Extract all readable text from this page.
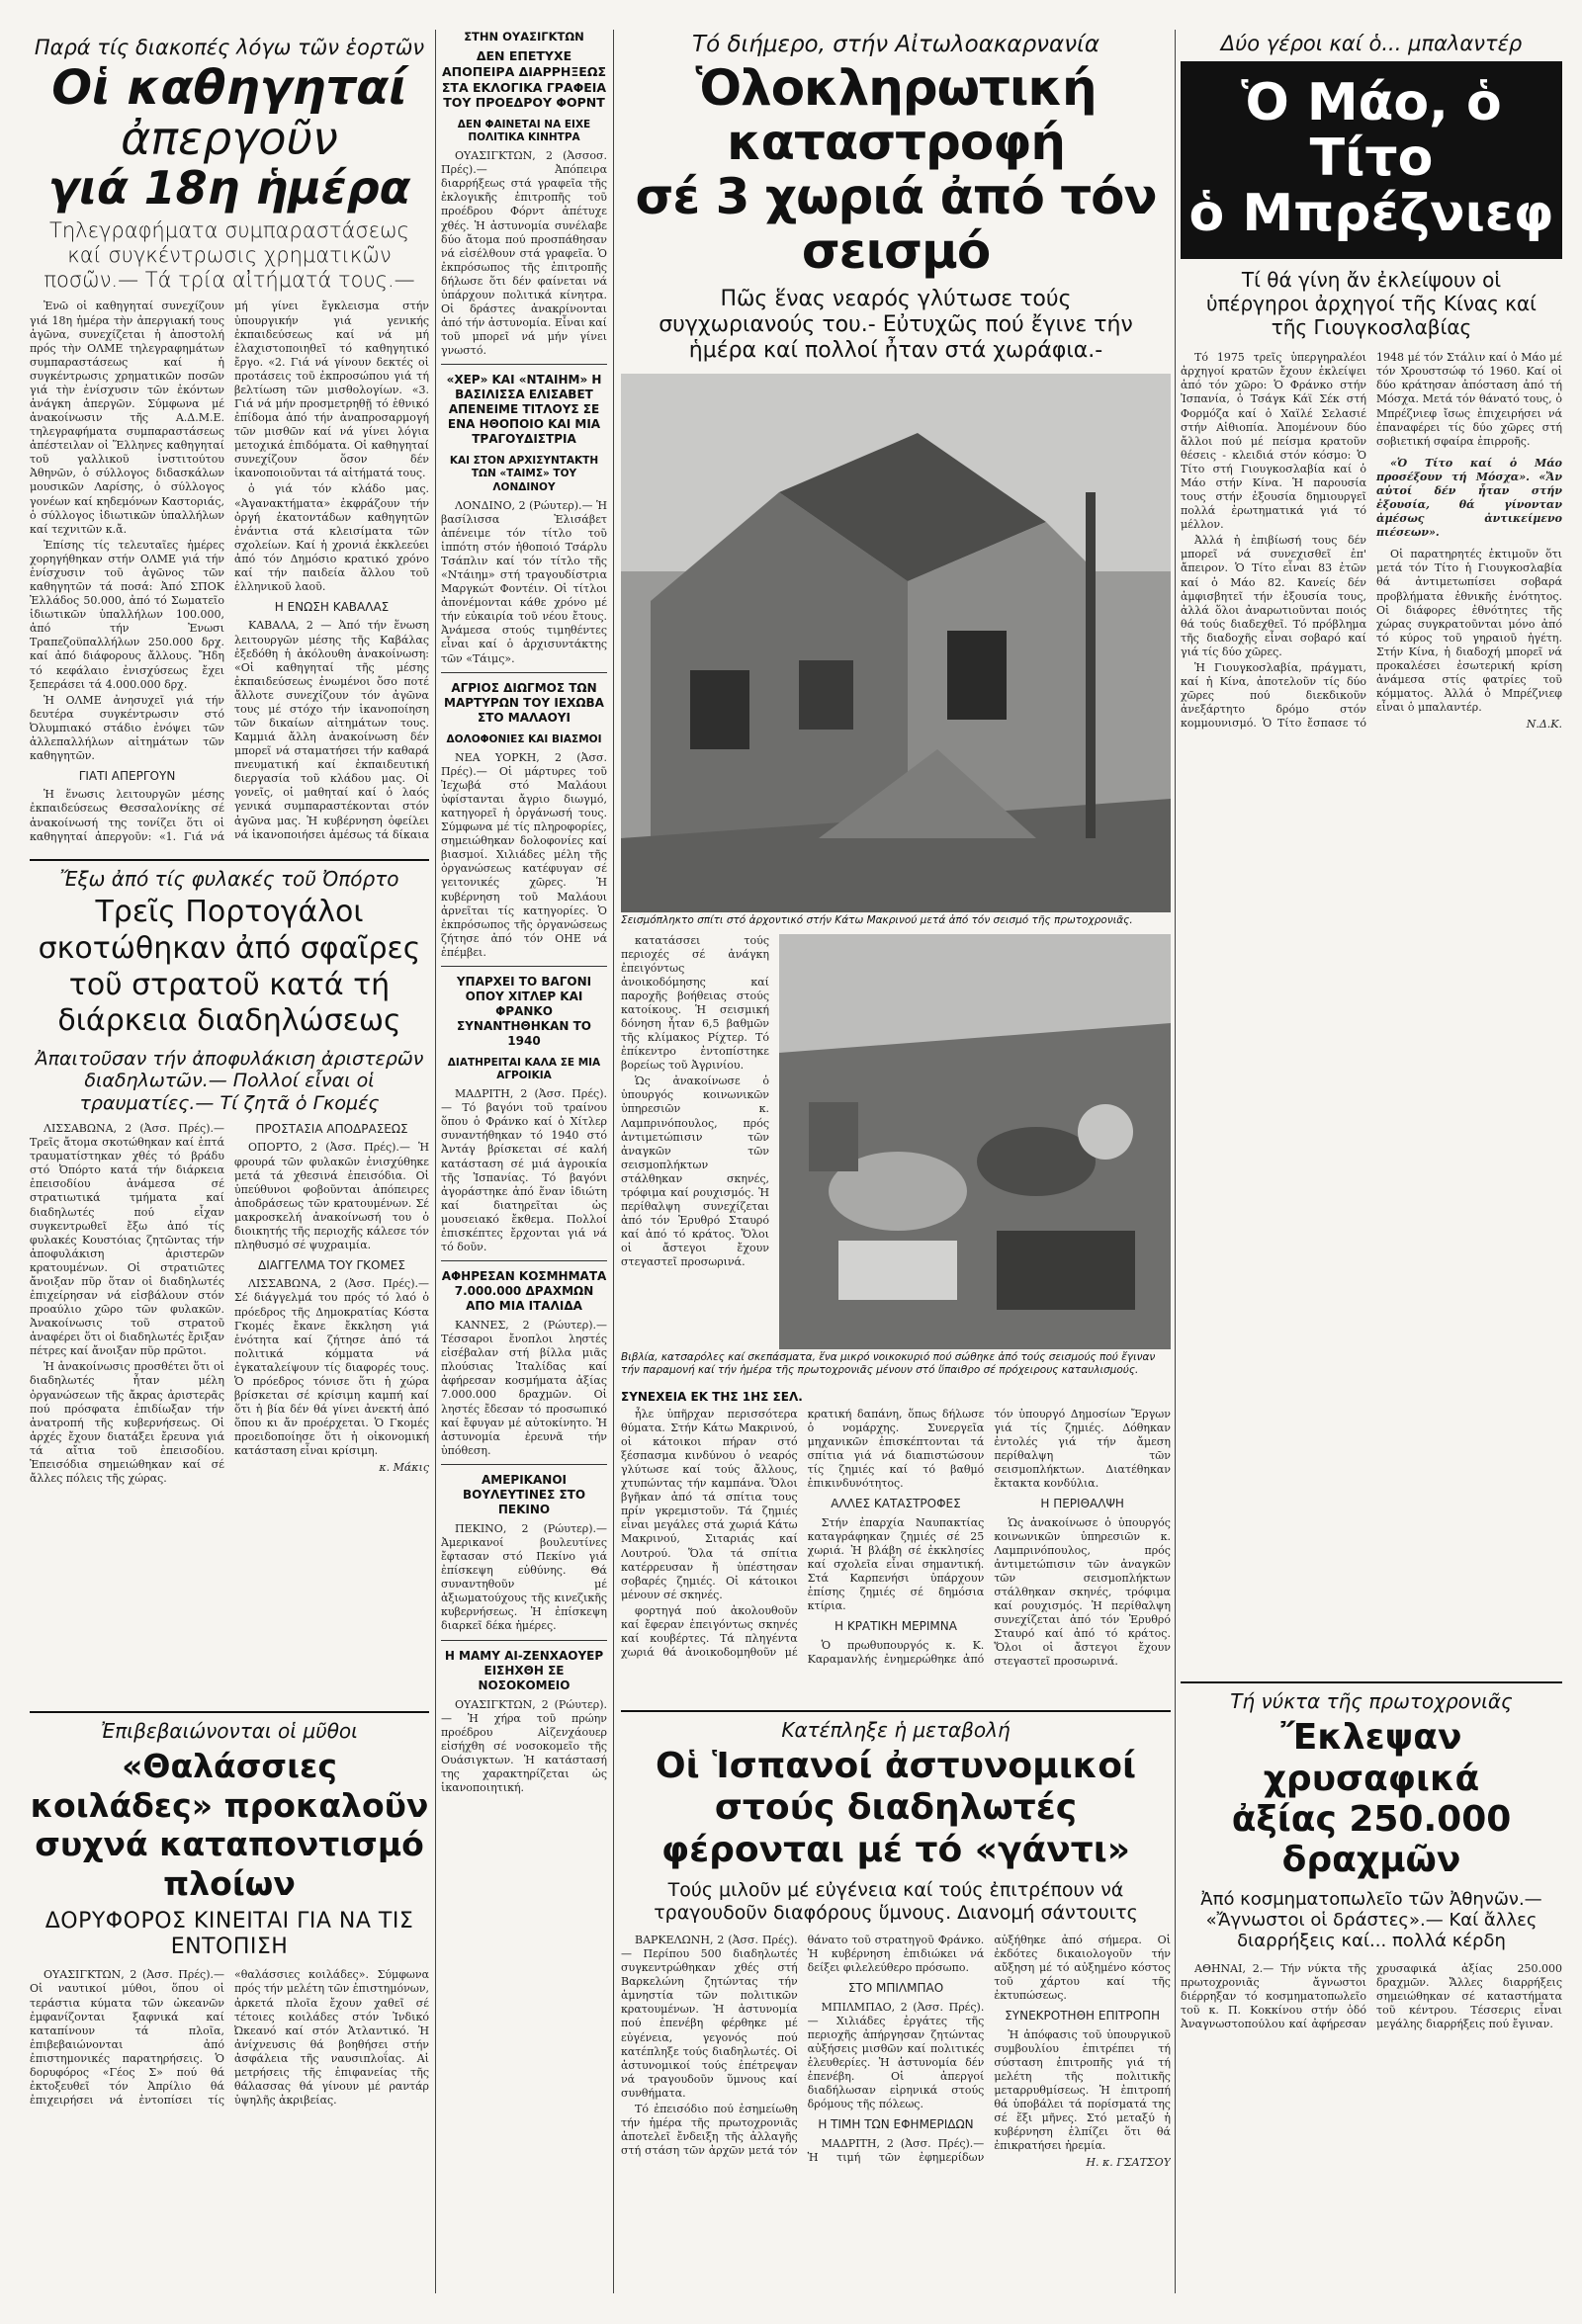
Παρά τίς διακοπές λόγω τῶν ἑορτῶν
Οἱ καθηγηταί
ἀπεργοῦν
γιά 18η ἡμέρα
Τηλεγραφήματα συμπαραστάσεως καί συγκέντρωσις χρηματικῶν ποσῶν.— Τά τρία αἰτήματά τους.—

Ἐνῶ οἱ καθηγηταί συνεχίζουν γιά 18η ἡμέρα τὴν ἀπεργιακή τους ἀγῶνα, συνεχίζεται ἡ ἀποστολή πρός τὴν ΟΛΜΕ τηλεγραφημάτων συμπαραστάσεως καί ἡ συγκέντρωσις χρηματικῶν ποσῶν γιά τὴν ἐνίσχυσιν τῶν ἐκόντων ἀνάγκη ἀπεργῶν. Σύμφωνα μέ ἀνακοίνωσιν τῆς Α.Δ.Μ.Ε. τηλεγραφήματα συμπαραστάσεως ἀπέστειλαν οἱ Ἕλληνες καθηγηταί τοῦ γαλλικοῦ ἰνστιτούτου Ἀθηνῶν, ὁ σύλλογος διδασκάλων μουσικῶν Λαρίσης, ὁ σύλλογος γονέων καί κηδεμόνων Καστοριάς, ὁ σύλλογος ἰδιωτικῶν ὑπαλλήλων καί τεχνιτῶν κ.ἄ.

Ἐπίσης τίς τελευταῖες ἡμέρες χορηγήθηκαν στήν ΟΛΜΕ γιά τήν ἐνίσχυσιν τοῦ ἀγῶνος τῶν καθηγητῶν τά ποσά: Ἀπό ΣΠΟΚ Ἐλλάδος 50.000, ἀπό τό Σωματεῖο ἰδιωτικῶν ὑπαλλήλων 100.000, ἀπό τήν Ἐνωσι Τραπεζοϋπαλλήλων 250.000 δρχ. καί ἀπό διάφορους ἄλλους. Ἤδη τό κεφάλαιο ἐνισχύσεως ἔχει ξεπεράσει τά 4.000.000 δρχ.

Ἡ ΟΛΜΕ ἀνησυχεῖ γιά τήν δευτέρα συγκέντρωσιν στό Ὀλυμπιακό στάδιο ἐνόψει τῶν ἀλλεπαλλήλων αἰτημάτων τῶν καθηγητῶν.

ΓΙΑΤΙ ΑΠΕΡΓΟΥΝ

Ἡ ἕνωσις λειτουργῶν μέσης ἐκπαιδεύσεως Θεσσαλονίκης σέ ἀνακοίνωσή της τονίζει ὅτι οἱ καθηγηταί ἀπεργοῦν: «1. Γιά νά μή γίνει ἔγκλεισμα στήν ὑπουργικήν γιά γενικής ἐκπαιδεύσεως καί νά μή ἐλαχιστοποιηθεῖ τό καθηγητικό ἔργο. «2. Γιά νά γίνουν δεκτές οἱ προτάσεις τοῦ ἐκπροσώπου γιά τή βελτίωση τῶν μισθολογίων. «3. Γιά νά μήν προσμετρηθῇ τό ἐθνικό ἐπίδομα ἀπό τήν ἀναπροσαρμογή τῶν μισθῶν καί νά γίνει λόγια μετοχικά ἐπιδόματα. Οἱ καθηγηταί συνεχίζουν ὅσον δέν ἱκανοποιοῦνται τά αἰτήματά τους.

ὁ γιά τόν κλάδο μας. «Ἀγανακτήματα» ἐκφράζουν τήν ὀργή ἑκατοντάδων καθηγητῶν ἐνάντια στά κλεισίματα τῶν σχολείων. Καί ἡ χρονιά ἐκκλεεύει ἀπό τόν Δημόσιο κρατικό χρόνο καί τήν παιδεία ἄλλου τοῦ ἑλληνικοῦ λαοῦ.

Η ΕΝΩΣΗ ΚΑΒΑΛΑΣ

ΚΑΒΑΛΑ, 2 — Ἀπό τήν ἕνωση λειτουργῶν μέσης τῆς Καβάλας ἐξεδόθη ἡ ἀκόλουθη ἀνακοίνωση: «Οἱ καθηγηταί τῆς μέσης ἐκπαιδεύσεως ἐνωμένοι ὅσο ποτέ ἄλλοτε συνεχίζουν τόν ἀγῶνα τους μέ στόχο τήν ἱκανοποίηση τῶν δικαίων αἰτημάτων τους. Καμμιά ἄλλη ἀνακοίνωση δέν μπορεῖ νά σταματήσει τήν καθαρά πνευματική καί ἐκπαιδευτική διεργασία τοῦ κλάδου μας. Οἱ γονεῖς, οἱ μαθηταί καί ὁ λαός γενικά συμπαραστέκονται στόν ἀγῶνα μας. Ἡ κυβέρνηση ὀφείλει νά ἱκανοποιήσει ἀμέσως τά δίκαια

Ἔξω ἀπό τίς φυλακές τοῦ Ὀπόρτο
Τρεῖς Πορτογάλοι σκοτώθηκαν ἀπό σφαῖρες τοῦ στρατοῦ κατά τή διάρκεια διαδηλώσεως
Ἀπαιτοῦσαν τήν ἀποφυλάκιση ἀριστερῶν διαδηλωτῶν.— Πολλοί εἶναι οἱ τραυματίες.— Τί ζητᾶ ὁ Γκομές

ΛΙΣΣΑΒΩΝΑ, 2 (Ἀσσ. Πρές).— Τρεῖς ἄτομα σκοτώθηκαν καί ἑπτά τραυματίστηκαν χθές τό βράδυ στό Ὀπόρτο κατά τήν διάρκεια ἐπεισοδίου ἀνάμεσα σέ στρατιωτικά τμήματα καί διαδηλωτές πού εἶχαν συγκεντρωθεῖ ἔξω ἀπό τίς φυλακές Κουστόιας ζητῶντας τήν ἀποφυλάκιση ἀριστερῶν κρατουμένων. Οἱ στρατιῶτες ἄνοιξαν πῦρ ὅταν οἱ διαδηλωτές ἐπιχείρησαν νά εἰσβάλουν στόν προαύλιο χῶρο τῶν φυλακῶν. Ἀνακοίνωσις τοῦ στρατοῦ ἀναφέρει ὅτι οἱ διαδηλωτές ἔριξαν πέτρες καί ἄνοιξαν πῦρ πρῶτοι.

Ἡ ἀνακοίνωσις προσθέτει ὅτι οἱ διαδηλωτές ἦταν μέλη ὀργανώσεων τῆς ἄκρας ἀριστερᾶς πού πρόσφατα ἐπιδίωξαν τήν ἀνατροπή τῆς κυβερνήσεως. Οἱ ἀρχές ἔχουν διατάξει ἔρευνα γιά τά αἴτια τοῦ ἐπεισοδίου. Ἐπεισόδια σημειώθηκαν καί σέ ἄλλες πόλεις τῆς χώρας.

ΠΡΟΣΤΑΣΙΑ ΑΠΟΔΡΑΣΕΩΣ

ΟΠΟΡΤΟ, 2 (Ἀσσ. Πρές).— Ἡ φρουρά τῶν φυλακῶν ἐνισχύθηκε μετά τά χθεσινά ἐπεισόδια. Οἱ ὑπεύθυνοι φοβοῦνται ἀπόπειρες ἀποδράσεως τῶν κρατουμένων. Σέ μακροσκελή ἀνακοίνωσή του ὁ διοικητής τῆς περιοχῆς κάλεσε τόν πληθυσμό σέ ψυχραιμία.

ΔΙΑΓΓΕΛΜΑ ΤΟΥ ΓΚΟΜΕΣ

ΛΙΣΣΑΒΩΝΑ, 2 (Ἀσσ. Πρές).— Σέ διάγγελμά του πρός τό λαό ὁ πρόεδρος τῆς Δημοκρατίας Κόστα Γκομές ἔκανε ἔκκληση γιά ἑνότητα καί ζήτησε ἀπό τά πολιτικά κόμματα νά ἐγκαταλείψουν τίς διαφορές τους. Ὁ πρόεδρος τόνισε ὅτι ἡ χώρα βρίσκεται σέ κρίσιμη καμπή καί ὅτι ἡ βία δέν θά γίνει ἀνεκτή ἀπό ὅπου κι ἄν προέρχεται. Ὁ Γκομές προειδοποίησε ὅτι ἡ οἰκονομική κατάσταση εἶναι κρίσιμη.

κ. Μάκις
Ἐπιβεβαιώνονται οἱ μῦθοι
«Θαλάσσιες κοιλάδες» προκαλοῦν συχνά καταποντισμό πλοίων
ΔΟΡΥΦΟΡΟΣ ΚΙΝΕΙΤΑΙ ΓΙΑ ΝΑ ΤΙΣ ΕΝΤΟΠΙΣΗ

ΟΥΑΣΙΓΚΤΩΝ, 2 (Ἀσσ. Πρές).— Οἱ ναυτικοί μύθοι, ὅπου οἱ τεράστια κύματα τῶν ὠκεανῶν ἐμφανίζονται ξαφνικά καί καταπίνουν τά πλοῖα, ἐπιβεβαιώνονται ἀπό ἐπιστημονικές παρατηρήσεις. Ὁ δορυφόρος «Γέος Σ» πού θά ἐκτοξευθεῖ τόν Ἀπρίλιο θά ἐπιχειρήσει νά ἐντοπίσει τίς «θαλάσσιες κοιλάδες». Σύμφωνα πρός τήν μελέτη τῶν ἐπιστημόνων, ἀρκετά πλοῖα ἔχουν χαθεῖ σέ τέτοιες κοιλάδες στόν Ἰνδικό Ὠκεανό καί στόν Ἀτλαντικό. Ἡ ἀνίχνευσις θά βοηθήσει στήν ἀσφάλεια τῆς ναυσιπλοΐας. Αἱ μετρήσεις τῆς ἐπιφανείας τῆς θάλασσας θά γίνουν μέ ραντάρ ὑψηλῆς ἀκριβείας.

ΣΤΗΝ ΟΥΑΣΙΓΚΤΩΝ
ΔΕΝ ΕΠΕΤΥΧΕ ΑΠΟΠΕΙΡΑ ΔΙΑΡΡΗΞΕΩΣ ΣΤΑ ΕΚΛΟΓΙΚΑ ΓΡΑΦΕΙΑ ΤΟΥ ΠΡΟΕΔΡΟΥ ΦΟΡΝΤ
ΔΕΝ ΦΑΙΝΕΤΑΙ ΝΑ ΕΙΧΕ ΠΟΛΙΤΙΚΑ ΚΙΝΗΤΡΑ

ΟΥΑΣΙΓΚΤΩΝ, 2 (Ἀσσοσ. Πρές).— Ἀπόπειρα διαρρήξεως στά γραφεῖα τῆς ἐκλογικῆς ἐπιτροπῆς τοῦ προέδρου Φόρντ ἀπέτυχε χθές. Ἡ ἀστυνομία συνέλαβε δύο ἄτομα πού προσπάθησαν νά εἰσέλθουν στά γραφεῖα. Ὁ ἐκπρόσωπος τῆς ἐπιτροπῆς δήλωσε ὅτι δέν φαίνεται νά ὑπάρχουν πολιτικά κίνητρα. Οἱ δράστες ἀνακρίνονται ἀπό τήν ἀστυνομία. Εἶναι καί τοῦ μπορεῖ νά μήν γίνει γνωστό.

«ΧΕΡ» ΚΑΙ «ΝΤΑΙΗΜ» Η ΒΑΣΙΛΙΣΣΑ ΕΛΙΣΑΒΕΤ ΑΠΕΝΕΙΜΕ ΤΙΤΛΟΥΣ ΣΕ ΕΝΑ ΗΘΟΠΟΙΟ ΚΑΙ ΜΙΑ ΤΡΑΓΟΥΔΙΣΤΡΙΑ
ΚΑΙ ΣΤΟΝ ΑΡΧΙΣΥΝΤΑΚΤΗ ΤΩΝ «ΤΑΙΜΣ» ΤΟΥ ΛΟΝΔΙΝΟΥ

ΛΟΝΔΙΝΟ, 2 (Ρώυτερ).— Ἡ βασίλισσα Ἐλισάβετ ἀπένειμε τόν τίτλο τοῦ ἱππότη στόν ἠθοποιό Τσάρλυ Τσάπλιν καί τόν τίτλο τῆς «Ντάιημ» στή τραγουδίστρια Μαργκώτ Φοντέιν. Οἱ τίτλοι ἀπονέμονται κάθε χρόνο μέ τήν εὐκαιρία τοῦ νέου ἔτους. Ἀνάμεσα στούς τιμηθέντες εἶναι καί ὁ ἀρχισυντάκτης τῶν «Τάιμς».

ΑΓΡΙΟΣ ΔΙΩΓΜΟΣ ΤΩΝ ΜΑΡΤΥΡΩΝ ΤΟΥ ΙΕΧΩΒΑ ΣΤΟ ΜΑΛΑΟΥΙ
ΔΟΛΟΦΟΝΙΕΣ ΚΑΙ ΒΙΑΣΜΟΙ

ΝΕΑ ΥΟΡΚΗ, 2 (Ἀσσ. Πρές).— Οἱ μάρτυρες τοῦ Ἰεχωβά στό Μαλάουι ὑφίστανται ἄγριο διωγμό, κατηγορεῖ ἡ ὀργάνωσή τους. Σύμφωνα μέ τίς πληροφορίες, σημειώθηκαν δολοφονίες καί βιασμοί. Χιλιάδες μέλη τῆς ὀργανώσεως κατέφυγαν σέ γειτονικές χῶρες. Ἡ κυβέρνηση τοῦ Μαλάουι ἀρνεῖται τίς κατηγορίες. Ὁ ἐκπρόσωπος τῆς ὀργανώσεως ζήτησε ἀπό τόν ΟΗΕ νά ἐπέμβει.

ΥΠΑΡΧΕΙ ΤΟ ΒΑΓΟΝΙ ΟΠΟΥ ΧΙΤΛΕΡ ΚΑΙ ΦΡΑΝΚΟ ΣΥΝΑΝΤΗΘΗΚΑΝ ΤΟ 1940
ΔΙΑΤΗΡΕΙΤΑΙ ΚΑΛΑ ΣΕ ΜΙΑ ΑΓΡΟΙΚΙΑ

ΜΑΔΡΙΤΗ, 2 (Ἀσσ. Πρές).— Τό βαγόνι τοῦ τραίνου ὅπου ὁ Φράνκο καί ὁ Χίτλερ συναντήθηκαν τό 1940 στό Ἀντάγ βρίσκεται σέ καλή κατάσταση σέ μιά ἀγροικία τῆς Ἱσπανίας. Τό βαγόνι ἀγοράστηκε ἀπό ἕναν ἰδιώτη καί διατηρεῖται ὡς μουσειακό ἔκθεμα. Πολλοί ἐπισκέπτες ἔρχονται γιά νά τό δοῦν.

ΑΦΗΡΕΣΑΝ ΚΟΣΜΗΜΑΤΑ 7.000.000 ΔΡΑΧΜΩΝ ΑΠΟ ΜΙΑ ΙΤΑΛΙΔΑ

ΚΑΝΝΕΣ, 2 (Ρώυτερ).— Τέσσαροι ἔνοπλοι ληστές εἰσέβαλαν στή βίλλα μιᾶς πλούσιας Ἰταλίδας καί ἀφήρεσαν κοσμήματα ἀξίας 7.000.000 δραχμῶν. Οἱ ληστές ἔδεσαν τό προσωπικό καί ἔφυγαν μέ αὐτοκίνητο. Ἡ ἀστυνομία ἐρευνᾶ τήν ὑπόθεση.

ΑΜΕΡΙΚΑΝΟΙ ΒΟΥΛΕΥΤΙΝΕΣ ΣΤΟ ΠΕΚΙΝΟ

ΠΕΚΙΝΟ, 2 (Ρώυτερ).— Ἀμερικανοί βουλευτίνες ἔφτασαν στό Πεκίνο γιά ἐπίσκεψη εὐθύνης. Θά συναντηθοῦν μέ ἀξιωματούχους τῆς κινεζικῆς κυβερνήσεως. Ἡ ἐπίσκεψη διαρκεῖ δέκα ἡμέρες.

Η ΜΑΜΥ ΑΙ-ΖΕΝΧΑΟΥΕΡ ΕΙΣΗΧΘΗ ΣΕ ΝΟΣΟΚΟΜΕΙΟ

ΟΥΑΣΙΓΚΤΩΝ, 2 (Ρώυτερ).— Ἡ χήρα τοῦ πρώην προέδρου Αἰζενχάουερ εἰσήχθη σέ νοσοκομεῖο τῆς Ουάσιγκτων. Ἡ κατάστασή της χαρακτηρίζεται ὡς ἱκανοποιητική.

Τό διήμερο, στήν Αἰτωλοακαρνανία
Ὁλοκληρωτική καταστροφή
σέ 3 χωριά ἀπό τόν σεισμό
Πῶς ἕνας νεαρός γλύτωσε τούς συγχωριανούς του.- Εὐτυχῶς πού ἔγινε τήν ἡμέρα καί πολλοί ἦταν στά χωράφια.-
Σεισμόπληκτο σπίτι στό ἀρχοντικό στήν Κάτω Μακρινού μετά ἀπό τόν σεισμό τῆς πρωτοχρονιᾶς.

κατατάσσει τούς περιοχές σέ ἀνάγκη ἐπειγόντως ἀνοικοδόμησης καί παροχῆς βοήθειας στούς κατοίκους. Ἡ σεισμική δόνηση ἦταν 6,5 βαθμῶν τῆς κλίμακος Ρίχτερ. Τό ἐπίκεντρο ἐντοπίστηκε βορείως τοῦ Ἀγρινίου.

Ὡς ἀνακοίνωσε ὁ ὑπουργός κοινωνικῶν ὑπηρεσιῶν κ. Λαμπρινόπουλος, πρός ἀντιμετώπισιν τῶν ἀναγκῶν τῶν σεισμοπλήκτων στάλθηκαν σκηνές, τρόφιμα καί ρουχισμός. Ἡ περίθαλψη συνεχίζεται ἀπό τόν Ἑρυθρό Σταυρό καί ἀπό τό κράτος. Ὅλοι οἱ ἄστεγοι ἔχουν στεγαστεῖ προσωρινά.

Βιβλία, κατσαρόλες καί σκεπάσματα, ἕνα μικρό νοικοκυριό πού σώθηκε ἀπό τούς σεισμούς πού ἔγιναν τήν παραμονή καί τήν ἡμέρα τῆς πρωτοχρονιᾶς μένουν στό ὕπαιθρο σέ πρόχειρους καταυλισμούς.
ΣΥΝΕΧΕΙΑ ΕΚ ΤΗΣ 1ΗΣ ΣΕΛ.

ἦλε ὑπῆρχαν περισσότερα θύματα. Στήν Κάτω Μακρινού, οἱ κάτοικοι πήραν στό ξέσπασμα κινδύνου ὁ νεαρός γλύτωσε καί τούς ἄλλους, χτυπώντας τήν καμπάνα. Ὅλοι βγῆκαν ἀπό τά σπίτια τους πρίν γκρεμιστοῦν. Τά ζημιές εἶναι μεγάλες στά χωριά Κάτω Μακρινού, Σιταριάς καί Λουτρού. Ὅλα τά σπίτια κατέρρευσαν ἤ ὑπέστησαν σοβαρές ζημιές. Οἱ κάτοικοι μένουν σέ σκηνές.

φορτηγά πού ἀκολουθοῦν καί ἔφεραν ἐπειγόντως σκηνές καί κουβέρτες. Τά πληγέντα χωριά θά ἀνοικοδομηθοῦν μέ κρατική δαπάνη, ὅπως δήλωσε ὁ νομάρχης. Συνεργεῖα μηχανικῶν ἐπισκέπτονται τά σπίτια γιά νά διαπιστώσουν τίς ζημιές καί τό βαθμό ἐπικινδυνότητος.

ΑΛΛΕΣ ΚΑΤΑΣΤΡΟΦΕΣ

Στήν ἐπαρχία Ναυπακτίας καταγράφηκαν ζημιές σέ 25 χωριά. Ἡ βλάβη σέ ἐκκλησίες καί σχολεῖα εἶναι σημαντική. Στά Καρπενήσι ὑπάρχουν ἐπίσης ζημιές σέ δημόσια κτίρια.

Η ΚΡΑΤΙΚΗ ΜΕΡΙΜΝΑ

Ὁ πρωθυπουργός κ. Κ. Καραμανλής ἐνημερώθηκε ἀπό τόν ὑπουργό Δημοσίων Ἔργων γιά τίς ζημιές. Δόθηκαν ἐντολές γιά τήν ἄμεση περίθαλψη τῶν σεισμοπλήκτων. Διατέθηκαν ἔκτακτα κονδύλια.

Η ΠΕΡΙΘΑΛΨΗ

Ὡς ἀνακοίνωσε ὁ ὑπουργός κοινωνικῶν ὑπηρεσιῶν κ. Λαμπρινόπουλος, πρός ἀντιμετώπισιν τῶν ἀναγκῶν τῶν σεισμοπλήκτων στάλθηκαν σκηνές, τρόφιμα καί ρουχισμός. Ἡ περίθαλψη συνεχίζεται ἀπό τόν Ἑρυθρό Σταυρό καί ἀπό τό κράτος. Ὅλοι οἱ ἄστεγοι ἔχουν στεγαστεῖ προσωρινά.

Κατέπληξε ἡ μεταβολή
Οἱ Ἱσπανοί ἀστυνομικοί
στούς διαδηλωτές
φέρονται μέ τό «γάντι»
Τούς μιλοῦν μέ εὐγένεια καί τούς ἐπιτρέπουν νά τραγουδοῦν διαφόρους ὕμνους. Διανομή σάντουιτς

ΒΑΡΚΕΛΩΝΗ, 2 (Ἀσσ. Πρές).— Περίπου 500 διαδηλωτές συγκεντρώθηκαν χθές στή Βαρκελώνη ζητώντας τήν ἀμνηστία τῶν πολιτικῶν κρατουμένων. Ἡ ἀστυνομία πού ἐπενέβη φέρθηκε μέ εὐγένεια, γεγονός πού κατέπληξε τούς διαδηλωτές. Οἱ ἀστυνομικοί τούς ἐπέτρεψαν νά τραγουδοῦν ὕμνους καί συνθήματα.

Τό ἐπεισόδιο πού ἐσημείωθη τήν ἡμέρα τῆς πρωτοχρονιᾶς ἀποτελεῖ ἔνδειξη τῆς ἀλλαγῆς στή στάση τῶν ἀρχῶν μετά τόν θάνατο τοῦ στρατηγοῦ Φράνκο. Ἡ κυβέρνηση ἐπιδιώκει νά δείξει φιλελεύθερο πρόσωπο.

ΣΤΟ ΜΠΙΛΜΠΑΟ

ΜΠΙΛΜΠΑΟ, 2 (Ἀσσ. Πρές).— Χιλιάδες ἐργάτες τῆς περιοχῆς ἀπήργησαν ζητώντας αὐξήσεις μισθῶν καί πολιτικές ἐλευθερίες. Ἡ ἀστυνομία δέν ἐπενέβη. Οἱ ἀπεργοί διαδήλωσαν εἰρηνικά στούς δρόμους τῆς πόλεως.

Η ΤΙΜΗ ΤΩΝ ΕΦΗΜΕΡΙΔΩΝ

ΜΑΔΡΙΤΗ, 2 (Ἀσσ. Πρές).— Ἡ τιμή τῶν ἐφημερίδων αὐξήθηκε ἀπό σήμερα. Οἱ ἐκδότες δικαιολογοῦν τήν αὔξηση μέ τό αὐξημένο κόστος τοῦ χάρτου καί τῆς ἐκτυπώσεως.

ΣΥΝΕΚΡΟΤΗΘΗ ΕΠΙΤΡΟΠΗ

Ἡ ἀπόφασις τοῦ ὑπουργικοῦ συμβουλίου ἐπιτρέπει τή σύσταση ἐπιτροπῆς γιά τή μελέτη τῆς πολιτικῆς μεταρρυθμίσεως. Ἡ ἐπιτροπή θά ὑποβάλει τά πορίσματά της σέ ἕξι μῆνες. Στό μεταξύ ἡ κυβέρνηση ἐλπίζει ὅτι θά ἐπικρατήσει ἠρεμία.

Η. κ. ΓΣΑΤΣΟΥ
Δύο γέροι καί ὁ... μπαλαντέρ
Ὁ Μάο, ὁ Τίτο
ὁ Μπρέζνιεφ
Τί θά γίνη ἄν ἐκλείψουν οἱ ὑπέργηροι ἀρχηγοί τῆς Κίνας καί τῆς Γιουγκοσλαβίας

Τό 1975 τρεῖς ὑπεργηραλέοι ἀρχηγοί κρατῶν ἔχουν ἐκλείψει ἀπό τόν χῶρο: Ὁ Φράνκο στήν Ἰσπανία, ὁ Τσάγκ Κάϊ Σέκ στή Φορμόζα καί ὁ Χαϊλέ Σελασιέ στήν Αἰθιοπία. Ἀπομένουν δύο ἄλλοι πού μέ πείσμα κρατοῦν θέσεις - κλειδιά στόν κόσμο: Ὁ Τίτο στή Γιουγκοσλαβία καί ὁ Μάο στήν Κίνα. Ἡ παρουσία τους στήν ἐξουσία δημιουργεῖ πολλά ἐρωτηματικά γιά τό μέλλον.

Ἀλλά ἡ ἐπιβίωσή τους δέν μπορεῖ νά συνεχισθεῖ ἐπ' ἄπειρον. Ὁ Τίτο εἶναι 83 ἐτῶν καί ὁ Μάο 82. Κανείς δέν ἀμφισβητεῖ τήν ἐξουσία τους, ἀλλά ὅλοι ἀναρωτιοῦνται ποιός θά τούς διαδεχθεῖ. Τό πρόβλημα τῆς διαδοχῆς εἶναι σοβαρό καί γιά τίς δύο χῶρες.

Ἡ Γιουγκοσλαβία, πράγματι, καί ἡ Κίνα, ἀποτελοῦν τίς δύο χῶρες πού διεκδικοῦν ἀνεξάρτητο δρόμο στόν κομμουνισμό. Ὁ Τίτο ἔσπασε τό 1948 μέ τόν Στάλιν καί ὁ Μάο μέ τόν Χρουστσώφ τό 1960. Καί οἱ δύο κράτησαν ἀπόσταση ἀπό τή Μόσχα. Μετά τόν θάνατό τους, ὁ Μπρέζνιεφ ἴσως ἐπιχειρήσει νά ἐπαναφέρει τίς δύο χῶρες στή σοβιετική σφαίρα ἐπιρροῆς.

«Ὁ Τίτο καί ὁ Μάο προσέξουν τή Μόσχα». «Ἄν αὐτοί δέν ἦταν στήν ἐξουσία, θά γίνονταν ἀμέσως ἀντικείμενο πιέσεων».

Οἱ παρατηρητές ἐκτιμοῦν ὅτι μετά τόν Τίτο ἡ Γιουγκοσλαβία θά ἀντιμετωπίσει σοβαρά προβλήματα ἐθνικῆς ἑνότητος. Οἱ διάφορες ἐθνότητες τῆς χώρας συγκρατοῦνται μόνο ἀπό τό κύρος τοῦ γηραιοῦ ἡγέτη. Στήν Κίνα, ἡ διαδοχή μπορεῖ νά προκαλέσει ἐσωτερική κρίση ἀνάμεσα στίς φατρίες τοῦ κόμματος. Ἀλλά ὁ Μπρέζνιεφ εἶναι ὁ μπαλαντέρ.

Ν.Δ.Κ.
Τή νύκτα τῆς πρωτοχρονιᾶς
Ἔκλεψαν χρυσαφικά
ἀξίας 250.000 δραχμῶν
Ἀπό κοσμηματοπωλεῖο τῶν Ἀθηνῶν.— «Ἄγνωστοι οἱ δράστες».— Καί ἄλλες διαρρήξεις καί... πολλά κέρδη

ΑΘΗΝΑΙ, 2.— Τήν νύκτα τῆς πρωτοχρονιᾶς ἄγνωστοι διέρρηξαν τό κοσμηματοπωλεῖο τοῦ κ. Π. Κοκκίνου στήν ὁδό Ἀναγνωστοπούλου καί ἀφήρεσαν χρυσαφικά ἀξίας 250.000 δραχμῶν. Ἄλλες διαρρήξεις σημειώθηκαν σέ καταστήματα τοῦ κέντρου. Τέσσερις εἶναι μεγάλης διαρρήξεις πού ἔγιναν.
